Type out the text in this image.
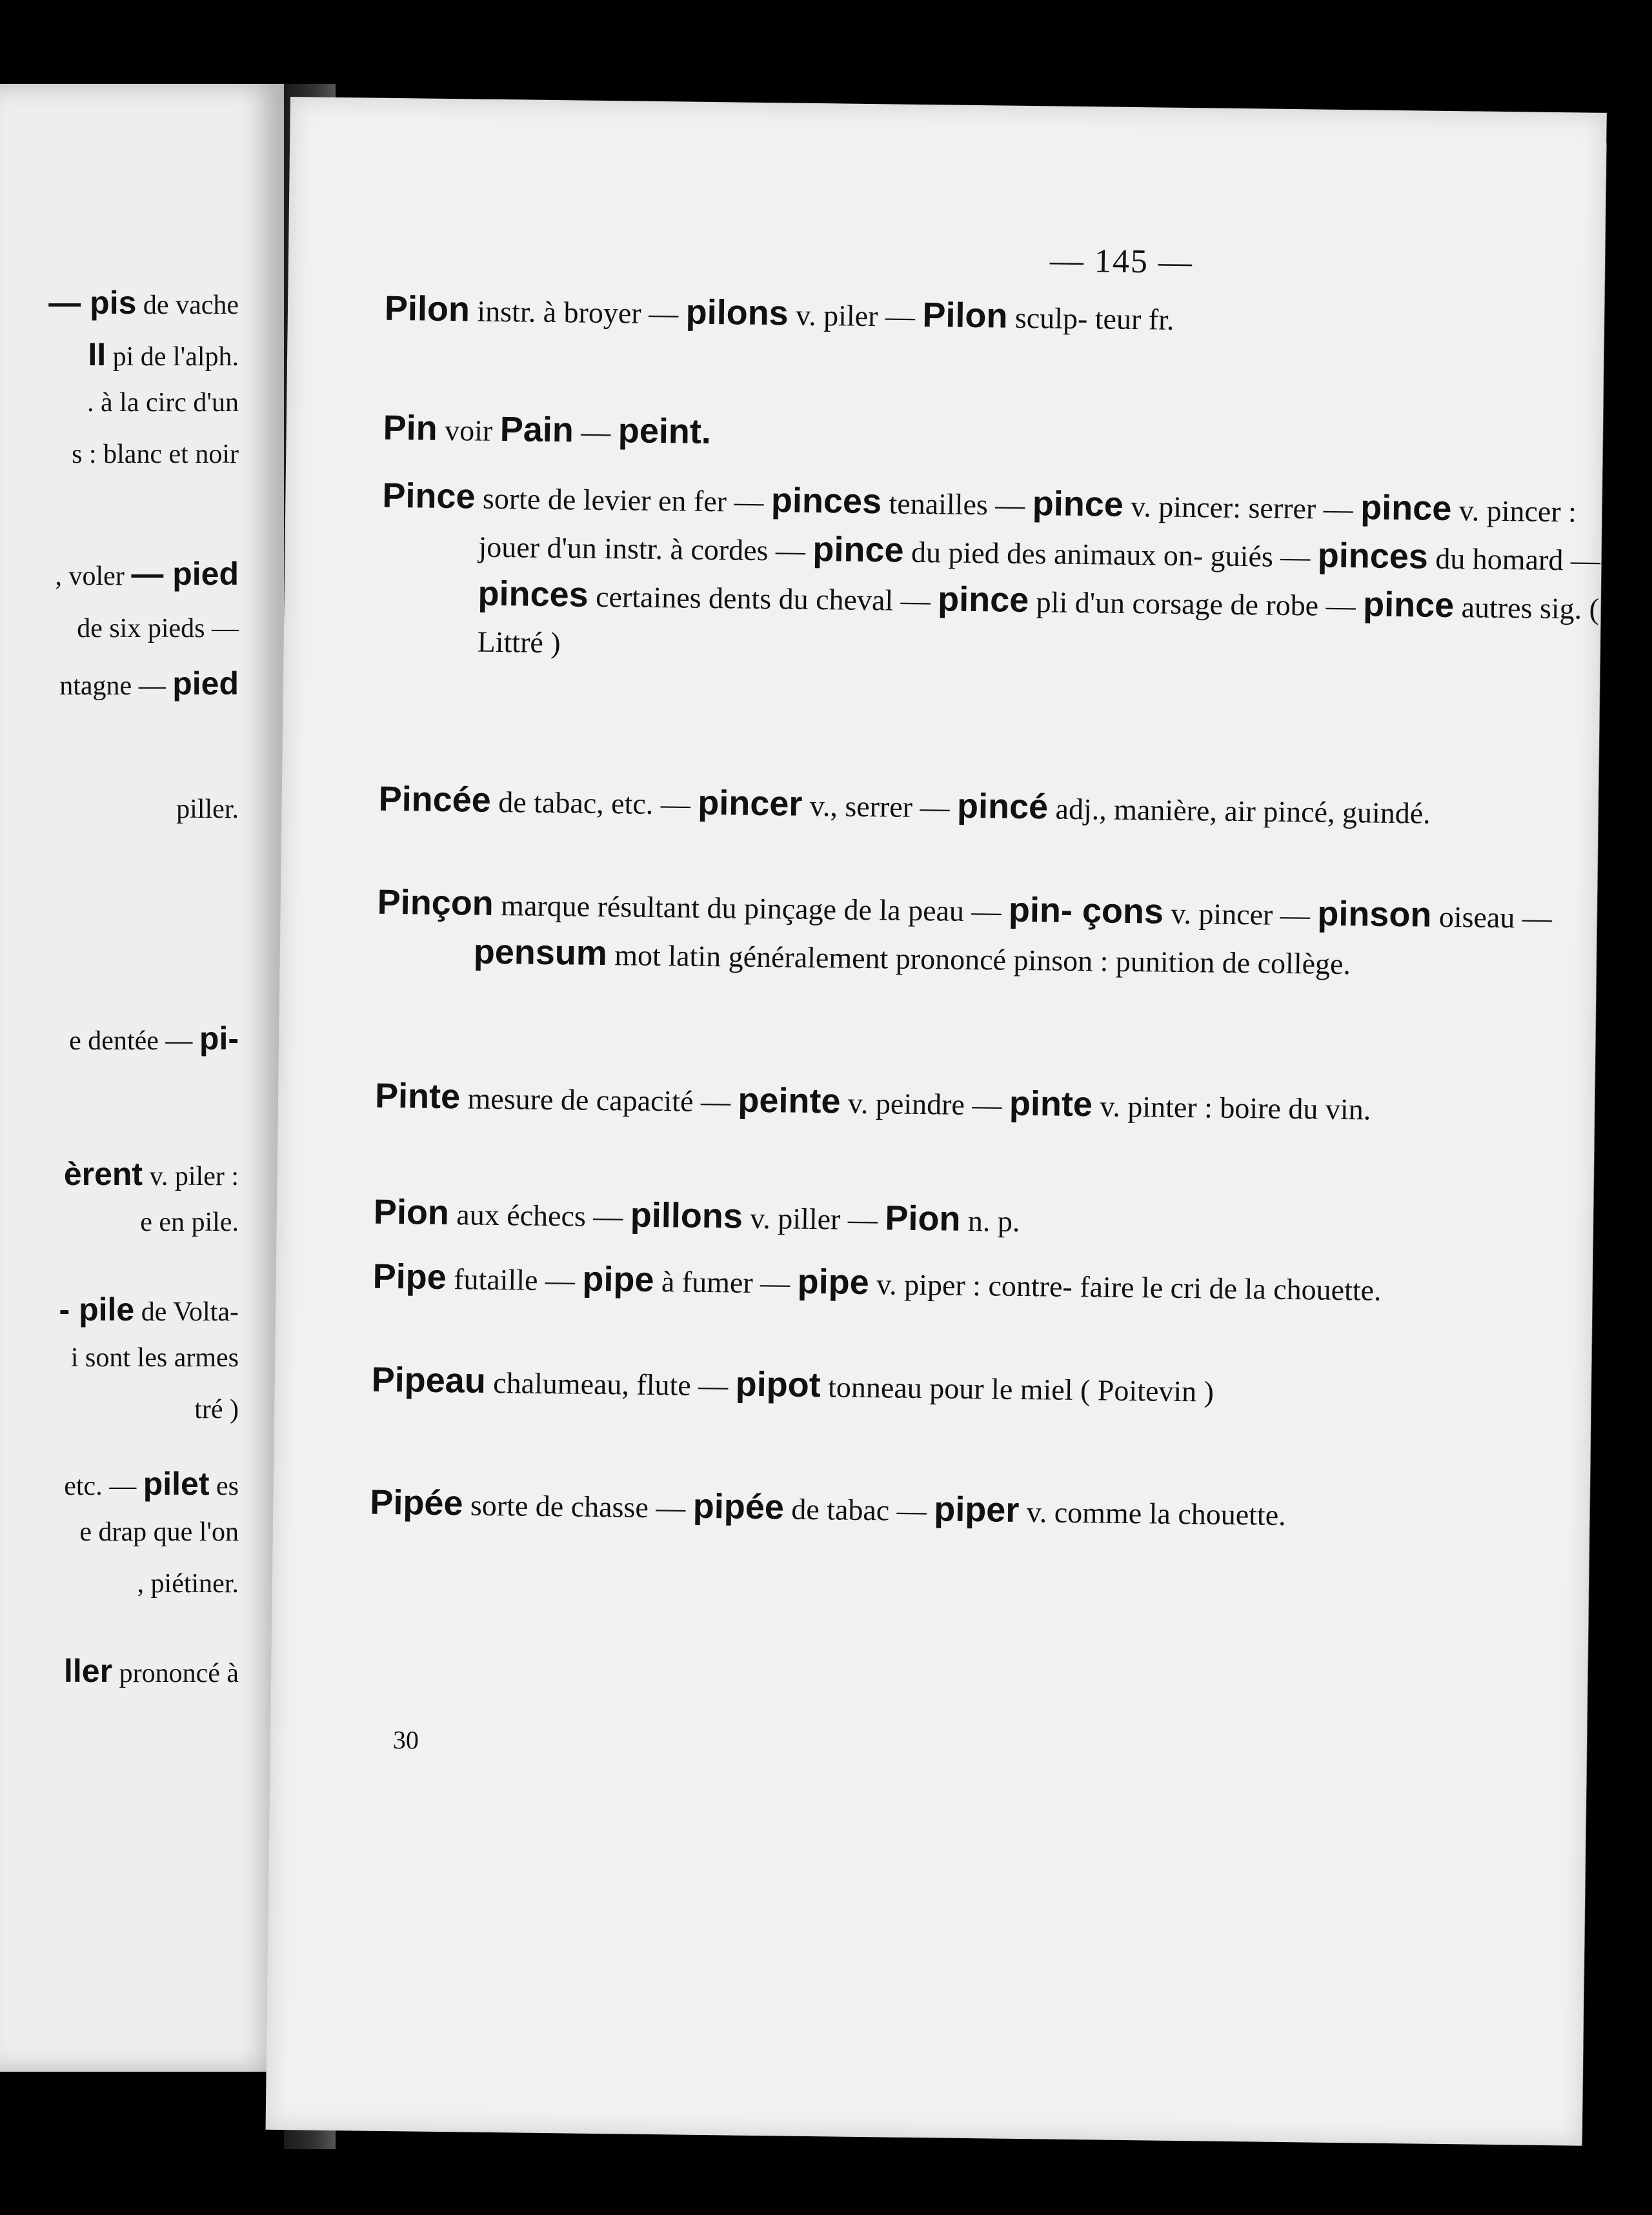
— pis de vache
II pi de l'alph.
. à la circ d'un
s : blanc et noir
, voler — pied
de six pieds —
ntagne — pied
piller.
e dentée — pi-
èrent v. piler :
e en pile.
- pile de Volta-
i sont les armes
tré )
etc. — pilet es
e drap que l'on
, piétiner.
ller prononcé à
— 145 —
30
Pilon instr. à broyer — pilons v. piler — Pilon sculp- teur fr.
Pin voir Pain — peint.
Pince sorte de levier en fer — pinces tenailles — pince v. pincer: serrer — pince v. pincer : jouer d'un instr. à cordes — pince du pied des animaux on- guiés — pinces du homard — pinces certaines dents du cheval — pince pli d'un corsage de robe — pince autres sig. ( Littré )
Pincée de tabac, etc. — pincer v., serrer — pincé adj., manière, air pincé, guindé.
Pinçon marque résultant du pinçage de la peau — pin- çons v. pincer — pinson oiseau — pensum mot latin généralement prononcé pinson : punition de collège.
Pinte mesure de capacité — peinte v. peindre — pinte v. pinter : boire du vin.
Pion aux échecs — pillons v. piller — Pion n. p.
Pipe futaille — pipe à fumer — pipe v. piper : contre- faire le cri de la chouette.
Pipeau chalumeau, flute — pipot tonneau pour le miel ( Poitevin )
Pipée sorte de chasse — pipée de tabac — piper v. comme la chouette.
